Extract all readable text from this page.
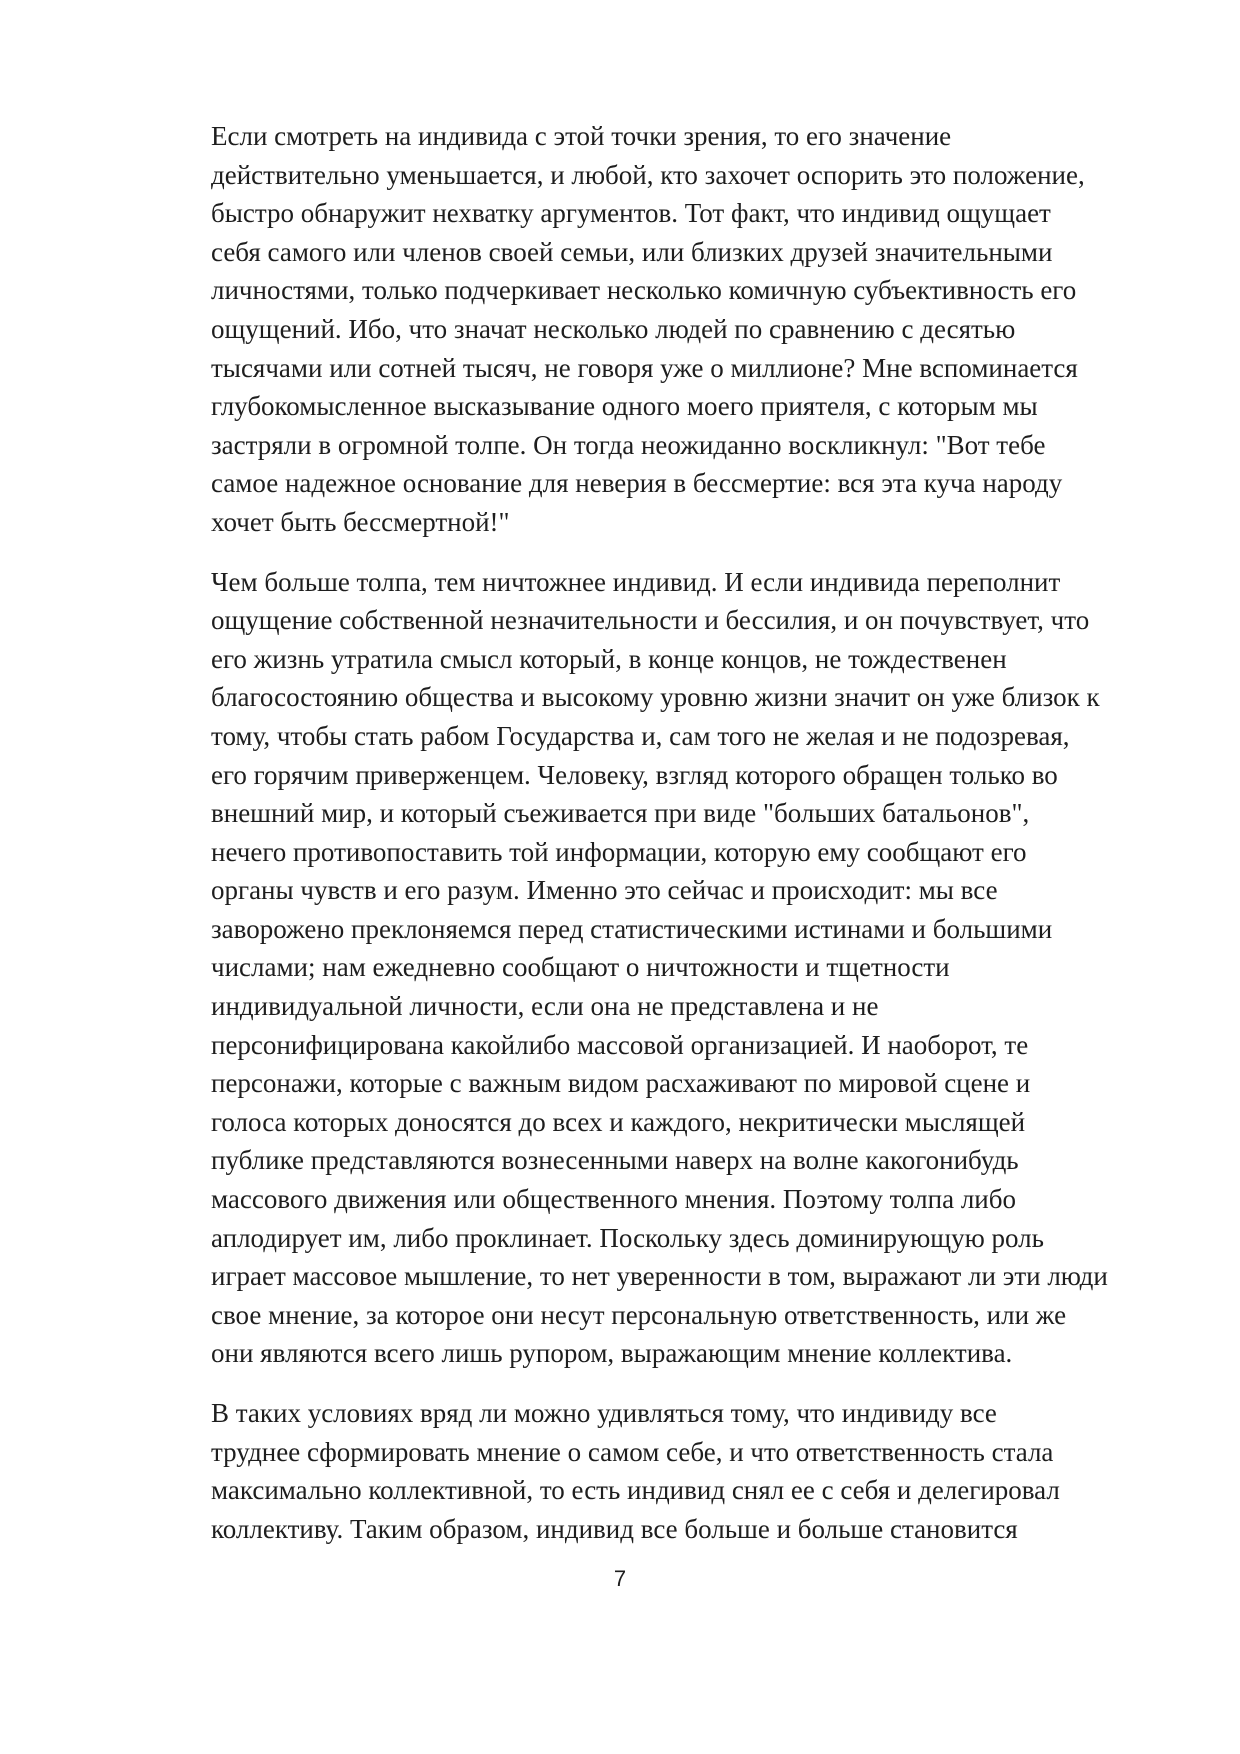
Если смотреть на индивида с этой точки зрения, то его значение
действительно уменьшается, и любой, кто захочет оспорить это положение,
быстро обнаружит нехватку аргументов. Тот факт, что индивид ощущает
себя самого или членов своей семьи, или близких друзей значительными
личностями, только подчеркивает несколько комичную субъективность его
ощущений. Ибо, что значат несколько людей по сравнению с десятью
тысячами или сотней тысяч, не говоря уже о миллионе? Мне вспоминается
глубокомысленное высказывание одного моего приятеля, с которым мы
застряли в огромной толпе. Он тогда неожиданно воскликнул: "Вот тебе
самое надежное основание для неверия в бессмертие: вся эта куча народу
хочет быть бессмертной!"

Чем больше толпа, тем ничтожнее индивид. И если индивида переполнит
ощущение собственной незначительности и бессилия, и он почувствует, что
его жизнь утратила смысл который, в конце концов, не тождественен
благосостоянию общества и высокому уровню жизни значит он уже близок к
тому, чтобы стать рабом Государства и, сам того не желая и не подозревая,
его горячим приверженцем. Человеку, взгляд которого обращен только во
внешний мир, и который съеживается при виде "больших батальонов",
нечего противопоставить той информации, которую ему сообщают его
органы чувств и его разум. Именно это сейчас и происходит: мы все
заворожено преклоняемся перед статистическими истинами и большими
числами; нам ежедневно сообщают о ничтожности и тщетности
индивидуальной личности, если она не представлена и не
персонифицирована какойлибо массовой организацией. И наоборот, те
персонажи, которые с важным видом расхаживают по мировой сцене и
голоса которых доносятся до всех и каждого, некритически мыслящей
публике представляются вознесенными наверх на волне какогонибудь
массового движения или общественного мнения. Поэтому толпа либо
аплодирует им, либо проклинает. Поскольку здесь доминирующую роль
играет массовое мышление, то нет уверенности в том, выражают ли эти люди
свое мнение, за которое они несут персональную ответственность, или же
они являются всего лишь рупором, выражающим мнение коллектива.

В таких условиях вряд ли можно удивляться тому, что индивиду все
труднее сформировать мнение о самом себе, и что ответственность стала
максимально коллективной, то есть индивид снял ее с себя и делегировал
коллективу. Таким образом, индивид все больше и больше становится

7
